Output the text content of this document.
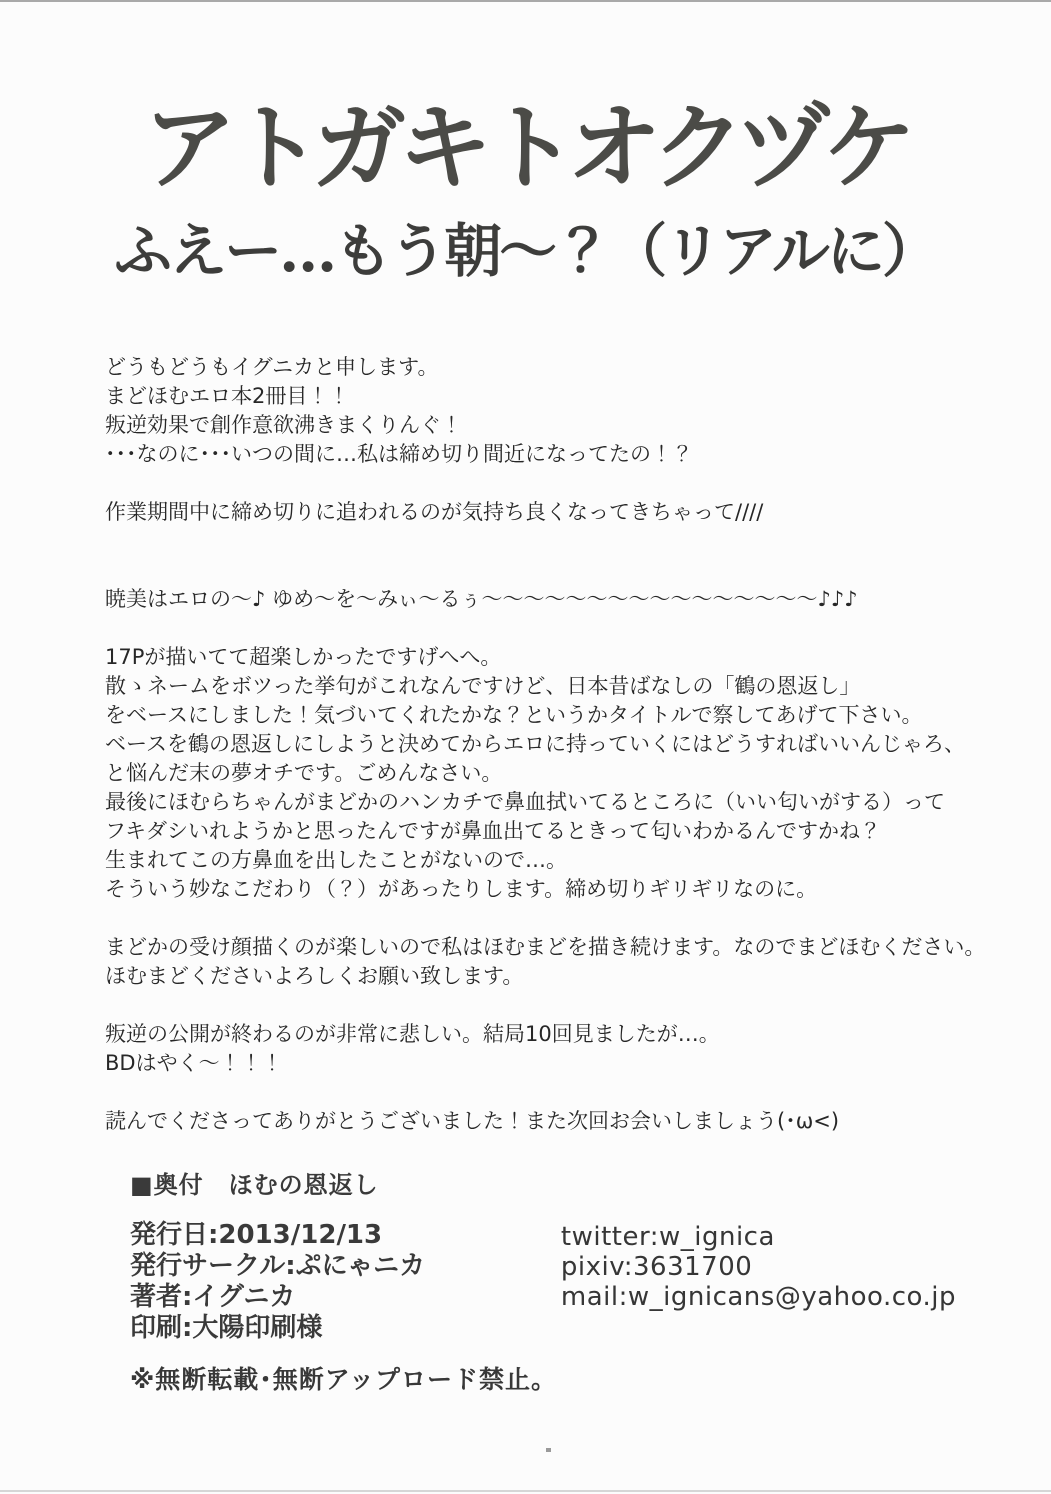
アトガキトオクヅケ
ふえー…もう朝～？（リアルに）

どうもどうもイグニカと申します。
まどほむエロ本2冊目！！
叛逆効果で創作意欲沸きまくりんぐ！
･･･なのに･･･いつの間に…私は締め切り間近になってたの！？

作業期間中に締め切りに追われるのが気持ち良くなってきちゃって////

暁美はエロの～♪ ゆめ～を～みぃ～るぅ～～～～～～～～～～～～～～～～♪♪♪

17Pが描いてて超楽しかったですげへへ。
散ゝネームをボツった挙句がこれなんですけど、日本昔ばなしの「鶴の恩返し」
をベースにしました！気づいてくれたかな？というかタイトルで察してあげて下さい。
ベースを鶴の恩返しにしようと決めてからエロに持っていくにはどうすればいいんじゃろ、
と悩んだ末の夢オチです。ごめんなさい。
最後にほむらちゃんがまどかのハンカチで鼻血拭いてるところに（いい匂いがする）って
フキダシいれようかと思ったんですが鼻血出てるときって匂いわかるんですかね？
生まれてこの方鼻血を出したことがないので…。
そういう妙なこだわり（？）があったりします。締め切りギリギリなのに。

まどかの受け顔描くのが楽しいので私はほむまどを描き続けます。なのでまどほむください。
ほむまどくださいよろしくお願い致します。

叛逆の公開が終わるのが非常に悲しい。結局10回見ましたが…。
BDはやく～！！！

読んでくださってありがとうございました！また次回お会いしましょう(･ω<)

■奥付　ほむの恩返し
発行日:2013/12/13
発行サークル:ぷにゃニカ
著者:イグニカ
印刷:大陽印刷様
twitter:w_ignica
pixiv:3631700
mail:w_ignicans@yahoo.co.jp
※無断転載･無断アップロード禁止。
